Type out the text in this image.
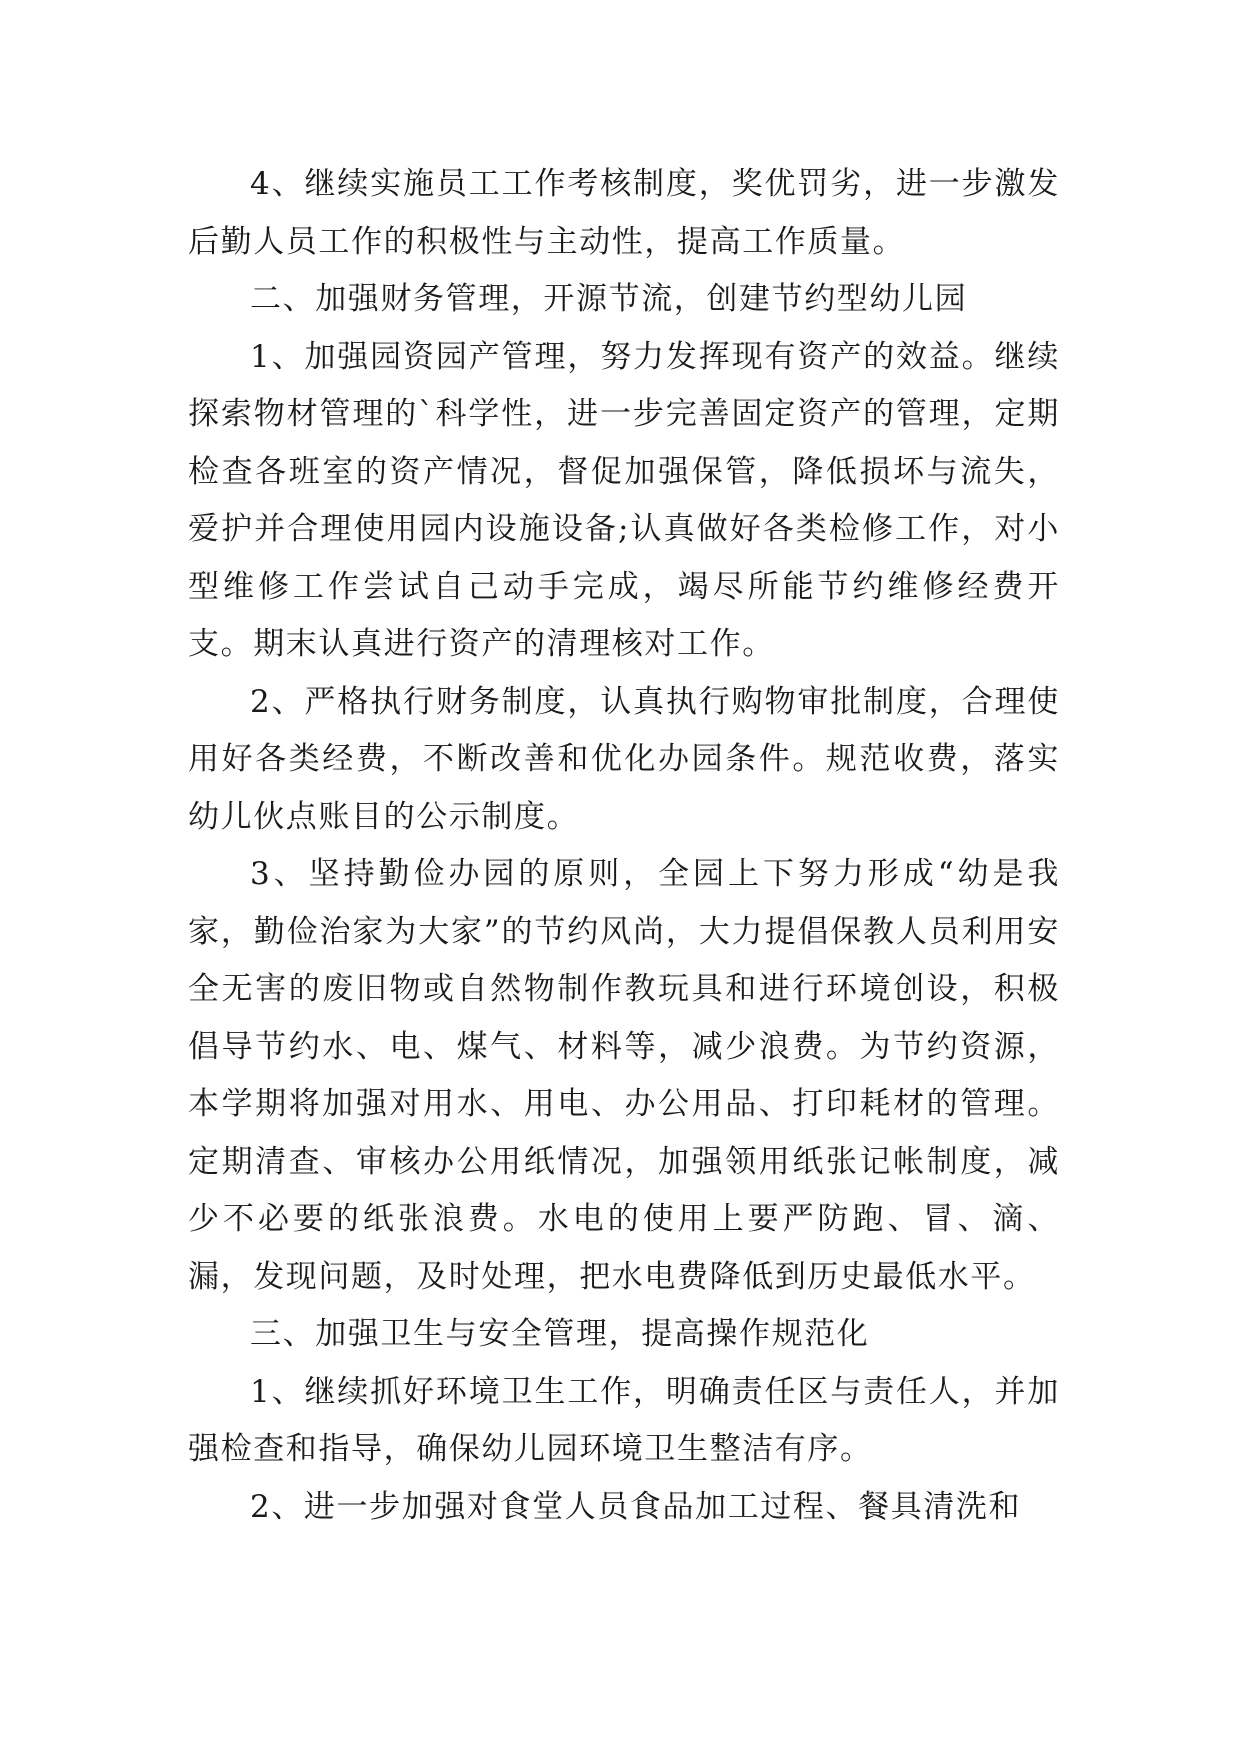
4、继续实施员工工作考核制度，奖优罚劣，进一步激发后勤人员工作的积极性与主动性，提高工作质量。

二、加强财务管理，开源节流，创建节约型幼儿园

1、加强园资园产管理，努力发挥现有资产的效益。继续探索物材管理的`科学性，进一步完善固定资产的管理，定期检查各班室的资产情况，督促加强保管，降低损坏与流失，爱护并合理使用园内设施设备;认真做好各类检修工作，对小型维修工作尝试自己动手完成，竭尽所能节约维修经费开支。期末认真进行资产的清理核对工作。

2、严格执行财务制度，认真执行购物审批制度，合理使用好各类经费，不断改善和优化办园条件。规范收费，落实幼儿伙点账目的公示制度。

3、坚持勤俭办园的原则，全园上下努力形成“幼是我家，勤俭治家为大家”的节约风尚，大力提倡保教人员利用安全无害的废旧物或自然物制作教玩具和进行环境创设，积极倡导节约水、电、煤气、材料等，减少浪费。为节约资源，本学期将加强对用水、用电、办公用品、打印耗材的管理。定期清查、审核办公用纸情况，加强领用纸张记帐制度，减少不必要的纸张浪费。水电的使用上要严防跑、冒、滴、漏，发现问题，及时处理，把水电费降低到历史最低水平。

三、加强卫生与安全管理，提高操作规范化

1、继续抓好环境卫生工作，明确责任区与责任人，并加强检查和指导，确保幼儿园环境卫生整洁有序。

2、进一步加强对食堂人员食品加工过程、餐具清洗和
